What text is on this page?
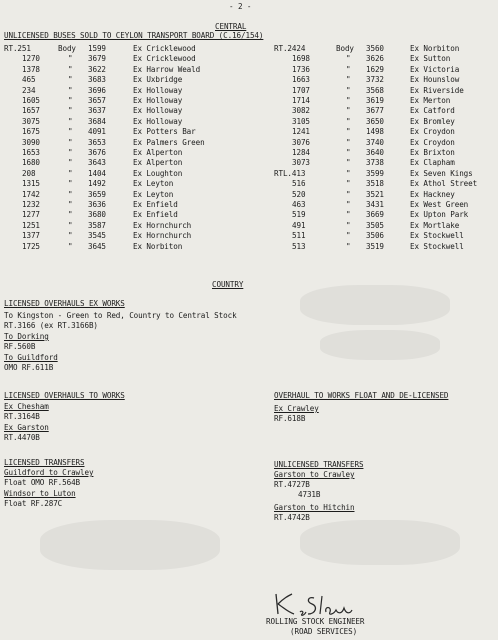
- 2 -
CENTRAL
UNLICENSED BUSES SOLD TO CEYLON TRANSPORT BOARD (C.16/154)
RT.251	Body 1599	Ex Cricklewood
1270	" 3679	Ex Cricklewood
1378	" 3622	Ex Harrow Weald
465	" 3683	Ex Uxbridge
234	" 3696	Ex Holloway
1605	" 3657	Ex Holloway
1657	" 3637	Ex Holloway
3075	" 3684	Ex Holloway
1675	" 4091	Ex Potters Bar
3090	" 3653	Ex Palmers Green
1653	" 3676	Ex Alperton
1680	" 3643	Ex Alperton
208	" 1404	Ex Loughton
1315	" 1492	Ex Leyton
1742	" 3659	Ex Leyton
1232	" 3636	Ex Enfield
1277	" 3680	Ex Enfield
1251	" 3587	Ex Hornchurch
1377	" 3545	Ex Hornchurch
1725	" 3645	Ex Norbiton
RT.2424	Body 3560	Ex Norbiton
1698	" 3626	Ex Sutton
1736	" 1629	Ex Victoria
1663	" 3732	Ex Hounslow
1707	" 3568	Ex Riverside
1714	" 3619	Ex Merton
3082	" 3677	Ex Catford
3105	" 3650	Ex Bromley
1241	" 1498	Ex Croydon
3076	" 3740	Ex Croydon
1284	" 3640	Ex Brixton
3073	" 3738	Ex Clapham
RTL.413	" 3599	Ex Seven Kings
516	" 3518	Ex Athol Street
520	" 3521	Ex Hackney
463	" 3431	Ex West Green
519	" 3669	Ex Upton Park
491	" 3505	Ex Mortlake
511	" 3506	Ex Stockwell
513	" 3519	Ex Stockwell
COUNTRY
LICENSED OVERHAULS EX WORKS
To Kingston - Green to Red, Country to Central Stock
RT.3166 (ex RT.3166B)
To Dorking
RF.560B
To Guildford
OMO RF.611B
LICENSED OVERHAULS TO WORKS
Ex Chesham
RT.3164B
Ex Garston
RT.4470B
OVERHAUL TO WORKS FLOAT AND DE-LICENSED
Ex Crawley
RF.618B
LICENSED TRANSFERS
Guildford to Crawley
Float OMO RF.564B
Windsor to Luton
Float RF.287C
UNLICENSED TRANSFERS
Garston to Crawley
RT.4727B
4731B
Garston to Hitchin
RT.4742B
ROLLING STOCK ENGINEER
(ROAD SERVICES)
